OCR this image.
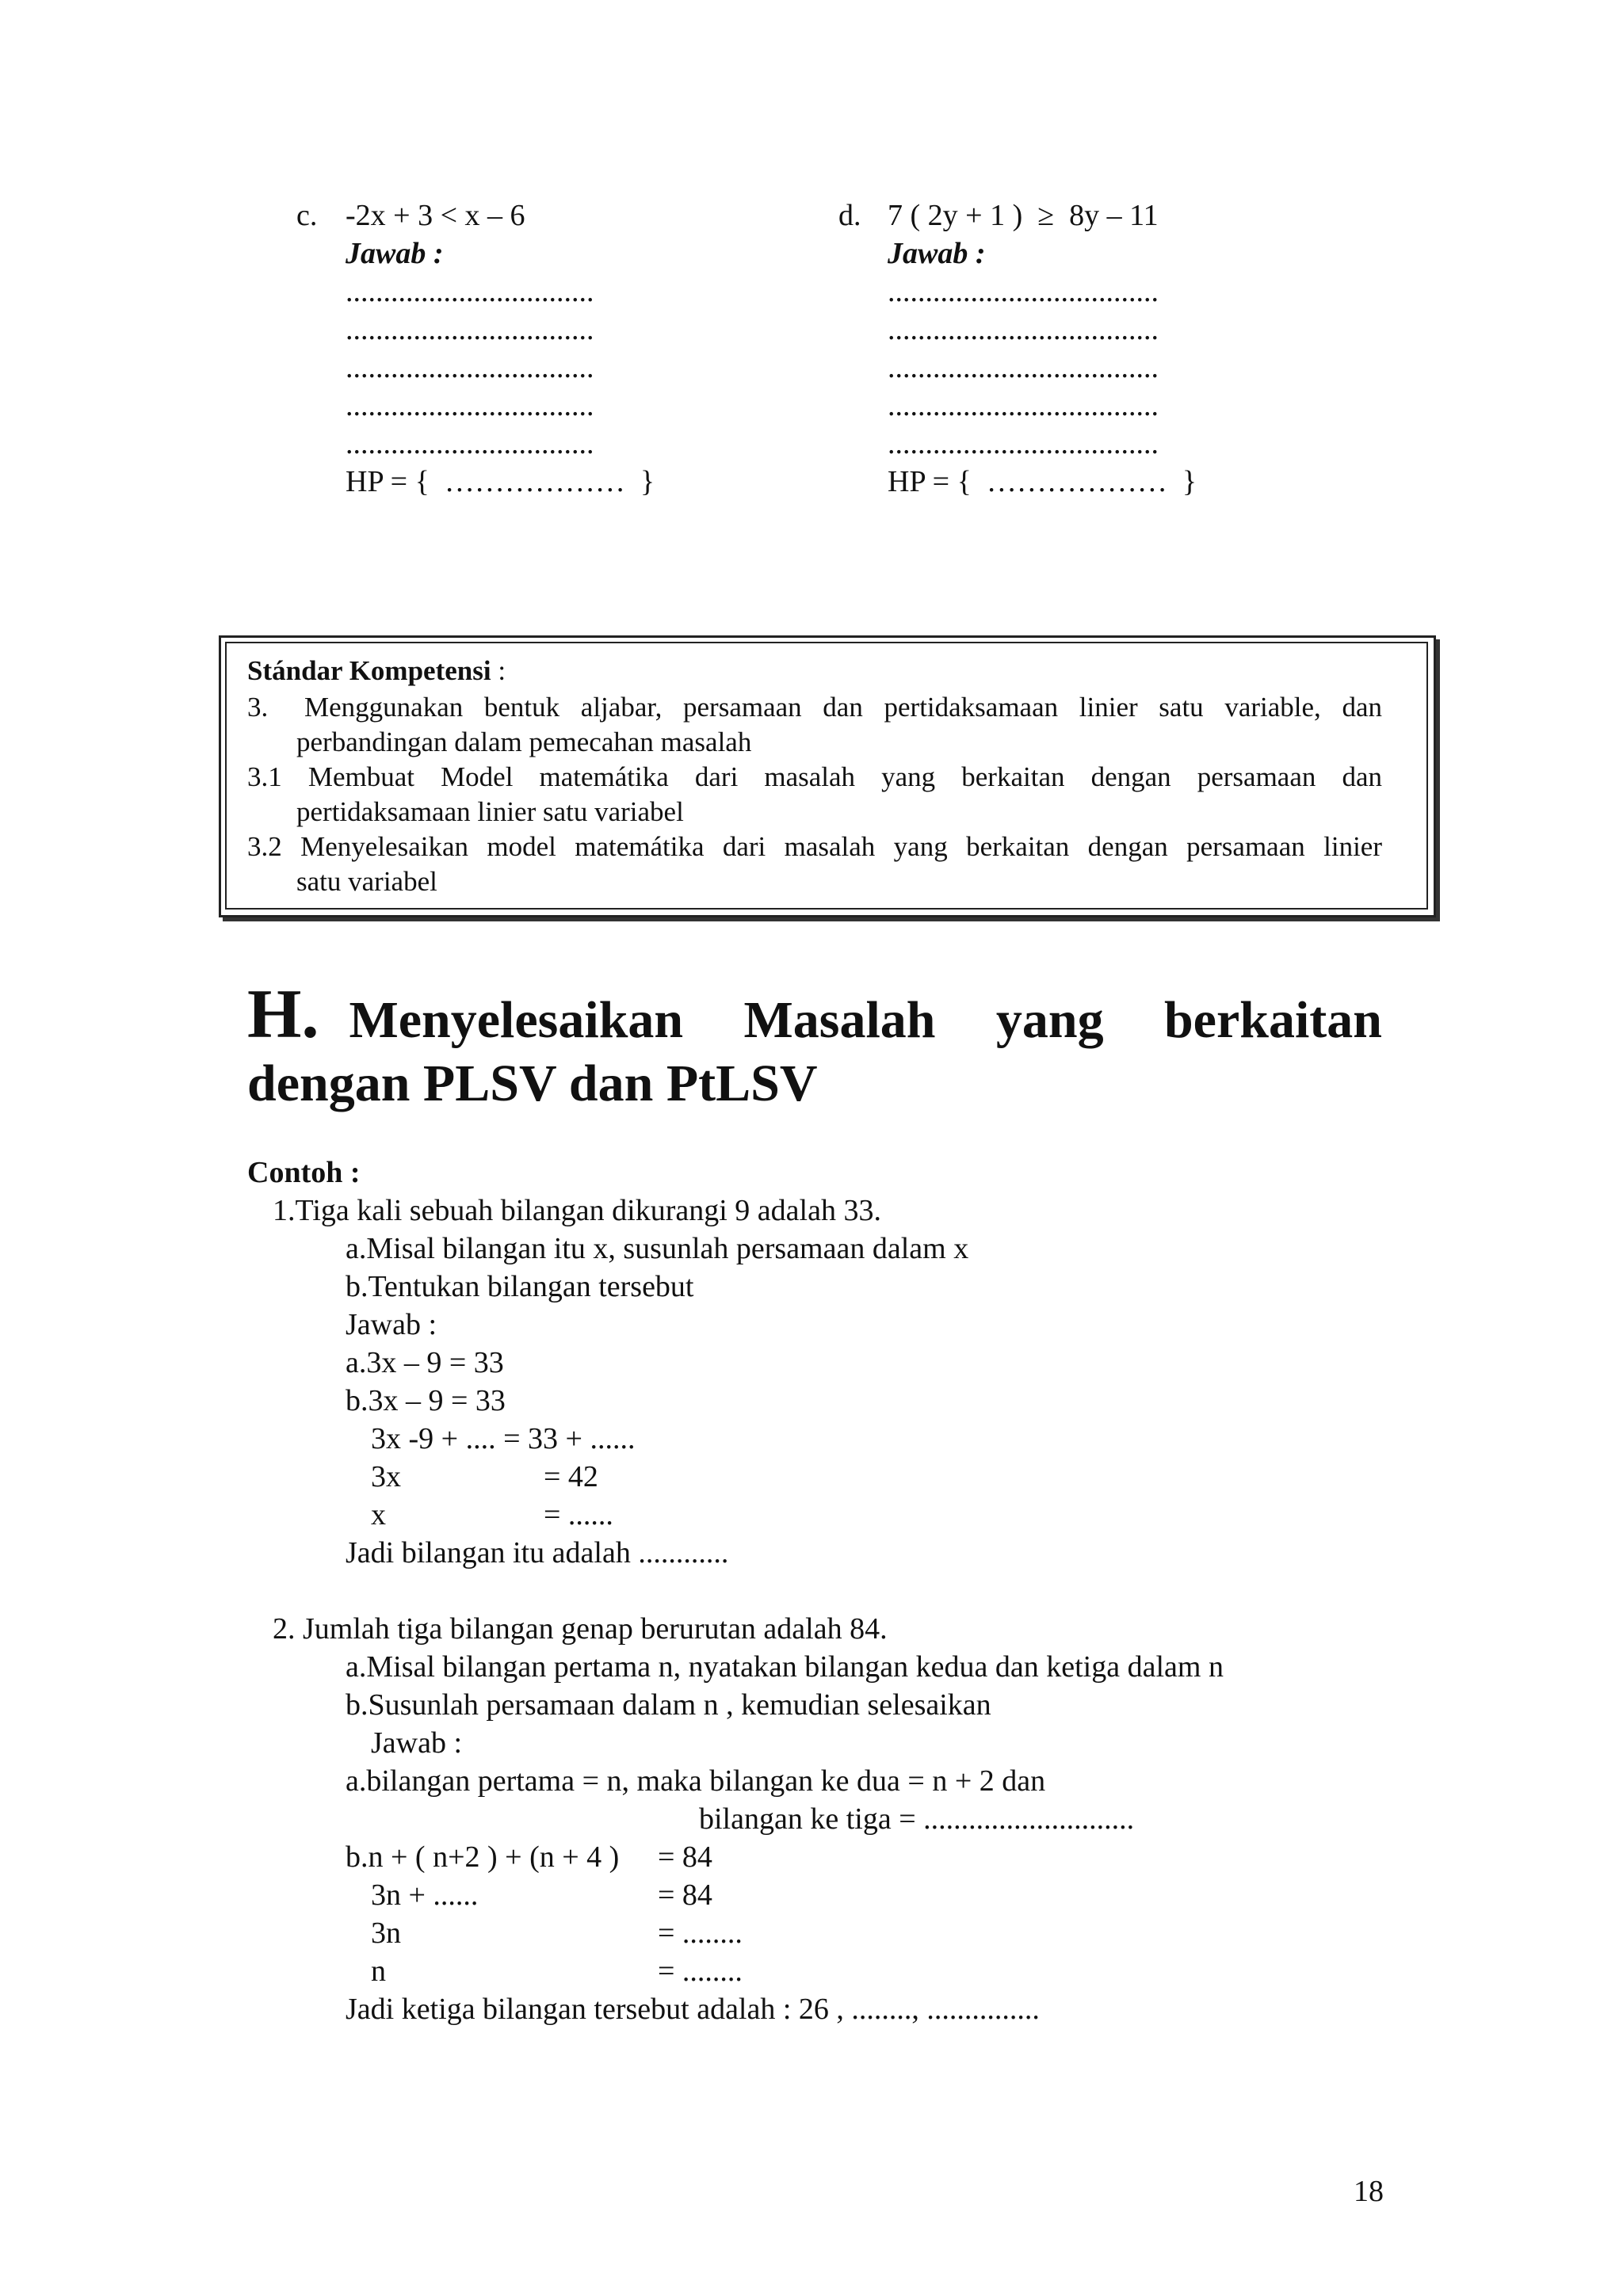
c. -2x + 3 < x – 6
Jawab :
.................................
.................................
.................................
.................................
.................................
HP = {  ………………  }
d. 7 ( 2y + 1 )  ≥  8y – 11
Jawab :
....................................
....................................
....................................
....................................
....................................
HP = {  ………………  }
Stándar Kompetensi :
3. Menggunakan bentuk aljabar, persamaan dan pertidaksamaan linier satu variable, dan
perbandingan dalam pemecahan masalah
3.1 Membuat Model matemátika dari masalah yang berkaitan dengan persamaan dan
pertidaksamaan linier satu variabel
3.2 Menyelesaikan model matemátika dari masalah yang berkaitan dengan persamaan linier
satu variabel
H. Menyelesaikan Masalah yang berkaitan
dengan PLSV dan PtLSV
Contoh :
1.Tiga kali sebuah bilangan dikurangi 9 adalah 33.
a.Misal bilangan itu x, susunlah persamaan dalam x
b.Tentukan bilangan tersebut
Jawab :
a.3x – 9 = 33
b.3x – 9 = 33
3x -9 + .... = 33 + ......
3x	= 42
x	= ......
Jadi bilangan itu adalah ............
2. Jumlah tiga bilangan genap berurutan adalah 84.
a.Misal bilangan pertama n, nyatakan bilangan kedua dan ketiga dalam n
b.Susunlah persamaan dalam n , kemudian selesaikan
Jawab :
a.bilangan pertama = n, maka bilangan ke dua = n + 2 dan
bilangan ke tiga = ............................
b.n + ( n+2 ) + (n + 4 ) = 84
3n + ......	= 84
3n	= ........
n	= ........
Jadi ketiga bilangan tersebut adalah : 26 , ........, ...............
18
